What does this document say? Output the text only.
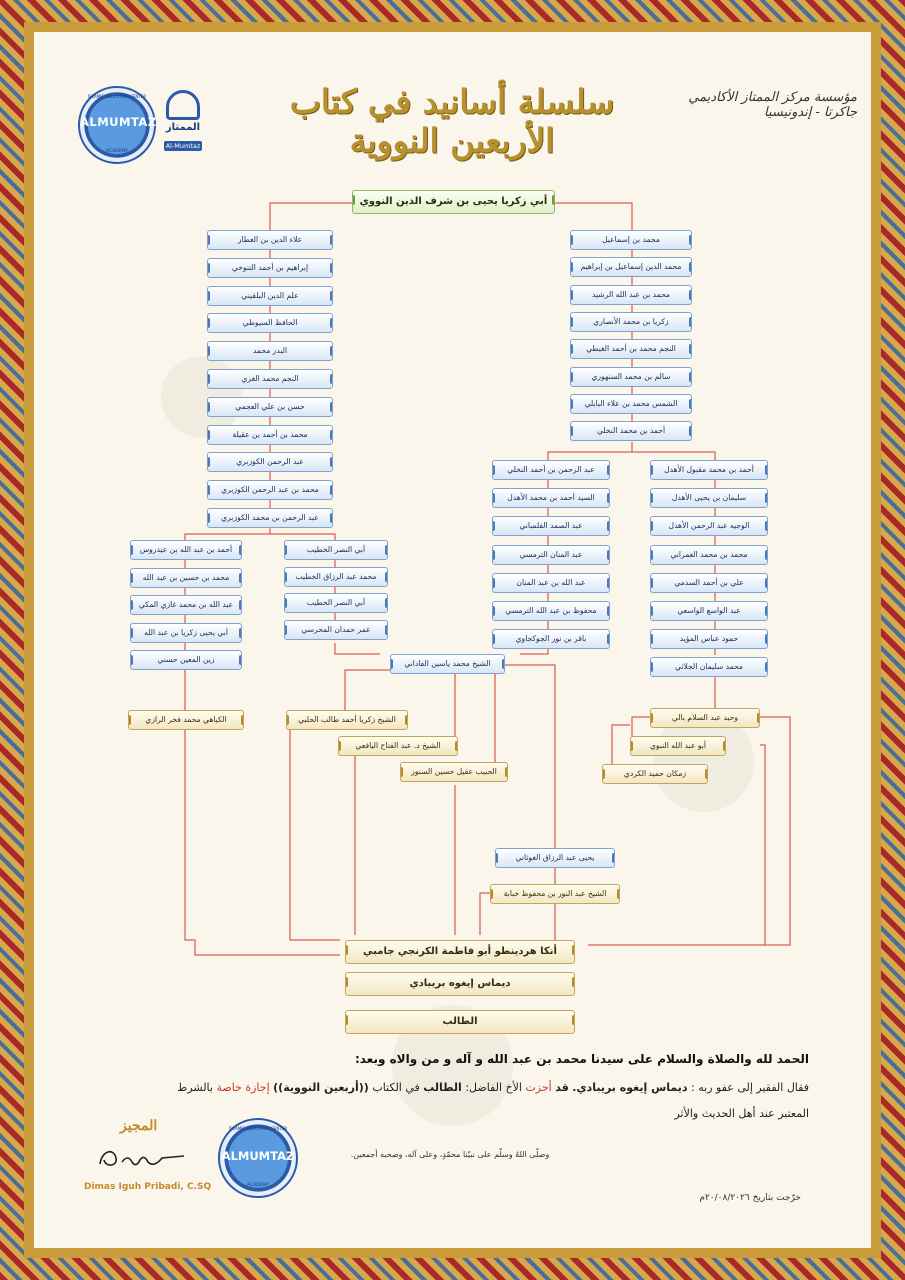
ISLAMIC EDUCATION CENTER
ALMUMTAZ
ACADEMY
الممتاز
Al-Mumtaz
سلسلة أسانيد في كتاب الأربعين النووية
مؤسسة مركز الممتاز الأكاديمي
جاكرتا - إندونيسيا
أبي زكريا يحيى بن شرف الدين النووي
علاء الدين بن العطار
إبراهيم بن أحمد التنوخي
علم الدين البلقيني
الحافظ السيوطي
البدر محمد
النجم محمد الغزي
حسن بن علي العجمي
محمد بن أحمد بن عقيلة
عبد الرحمن الكوزبري
محمد بن عبد الرحمن الكوزبري
عبد الرحمن بن محمد الكوزبري
محمد بن إسماعيل
محمد الدين إسماعيل بن إبراهيم
محمد بن عبد الله الرشيد
زكريا بن محمد الأنصاري
النجم محمد بن أحمد الغيطي
سالم بن محمد السنهوري
الشمس محمد بن علاء البابلي
أحمد بن محمد النخلي
أحمد بن عبد الله بن عيدروس
محمد بن حسين بن عبد الله
عبد الله بن محمد غازي المكي
أبي يحيى زكريا بن عبد الله
زين المعين حسني
أبي النصر الخطيب
محمد عبد الرزاق الخطيب
أبي النصر الخطيب
عمر حمدان المحرسي
عبد الرحمن بن أحمد النخلي
السيد أحمد بن محمد الأهدل
عبد الصمد الفلمباني
عبد المنان الترمسي
عبد الله بن عبد المنان
محفوظ بن عبد الله الترمسي
باقر بن نور الجوكجاوي
أحمد بن محمد مقبول الأهدل
سليمان بن يحيى الأهدل
الوجيه عبد الرحمن الأهدل
محمد بن محمد العمراني
علي بن أحمد السدمي
عبد الواسع الواسعي
حمود عباس المؤيد
محمد سليمان الجلائي
الشيخ محمد ياسين الفاداني
الكياهي محمد فخر الرازي	الشيخ زكريا أحمد طالب الحلبي
الشيخ د. عبد الفتاح اليافعي
الحبيب عقيل حسين السنور
وحيد عبد السلام بالي
أبو عبد الله النبوي
زمكان حميد الكردي
يحيى عبد الرزاق الغوثاني
الشيخ عبد النور بن محفوظ خبابة
أنكا هردينطو أبو فاطمة الكرنجي جامبي
ديماس إيغوه بريبادي
الطالب
الحمد لله والصلاة والسلام على سيدنا محمد بن عبد الله و آله و من والاه وبعد:
فقال الفقير إلى عفو ربه : ديماس إيغوه بريبادي. قد أجزت الأخ الفاضل: الطالب في الكتاب ((أربعين النووية)) إجازة خاصة بالشرط
المعتبر عند أهل الحديث والأثر
وصلّى اللهُ وسلّم على نبيّنا محمّدٍ، وعلى آله، وصحبه أجمعين.
المجيز
Dimas Iguh Pribadi, C.SQ
ISLAMIC EDUCATION CENTER
ALMUMTAZ
ACADEMY
خرّجت بتاريخ ٢٠/٠٨/٢٠٢٦م
